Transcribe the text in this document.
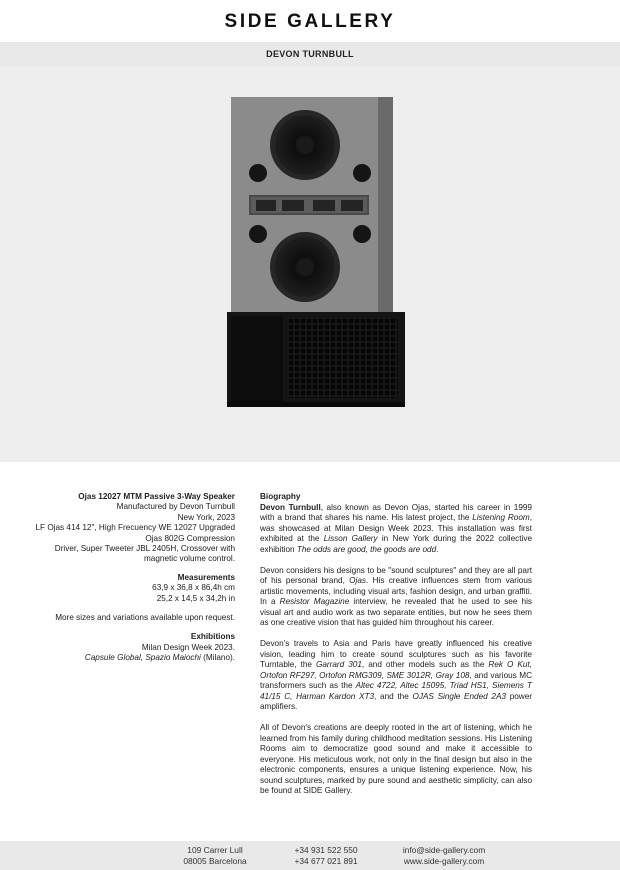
SIDE GALLERY
DEVON TURNBULL
Ojas 12027 MTM Passive 3-Way Speaker
Manufactured by Devon Turnbull
New York, 2023
LF Ojas 414 12", High Frecuency WE 12027 Upgraded
Ojas 802G Compression
Driver, Super Tweeter JBL 2405H, Crossover with
magnetic volume control.
Measurements
63,9 x 36,8 x 86,4h cm
25,2 x 14,5 x 34,2h in
More sizes and variations available upon request.
Exhibitions
Milan Design Week 2023.
Capsule Global, Spazio Maiochi (Milano).
Biography

Devon Turnbull, also known as Devon Ojas, started his career in 1999 with a brand that shares his name. His latest project, the Listening Room, was showcased at Milan Design Week 2023. This installation was first exhibited at the Lisson Gallery in New York during the 2022 collective exhibition The odds are good, the goods are odd.

Devon considers his designs to be "sound sculptures" and they are all part of his personal brand, Ojas. His creative influences stem from various artistic movements, including visual arts, fashion design, and urban graffiti. In a Resistor Magazine interview, he revealed that he used to see his visual art and audio work as two separate entities, but now he sees them as one creative vision that has guided him throughout his career.

Devon's travels to Asia and Paris have greatly influenced his creative vision, leading him to create sound sculptures such as his favorite Turntable, the Garrard 301, and other models such as the Rek O Kut, Ortofon RF297, Ortofon RMG309, SME 3012R, Gray 108, and various MC transformers such as the Altec 4722, Altec 15095, Triad HS1, Siemens T 41/15 C, Harman Kardon XT3, and the OJAS Single Ended 2A3 power amplifiers.

All of Devon's creations are deeply rooted in the art of listening, which he learned from his family during childhood meditation sessions. His Listening Rooms aim to democratize good sound and make it accessible to everyone. His meticulous work, not only in the final design but also in the electronic components, ensures a unique listening experience. Now, his sound sculptures, marked by pure sound and aesthetic simplicity, can also be found at SIDE Gallery.

109 Carrer Lull
08005 Barcelona
+34 931 522 550
+34 677 021 891
info@side-gallery.com
www.side-gallery.com
